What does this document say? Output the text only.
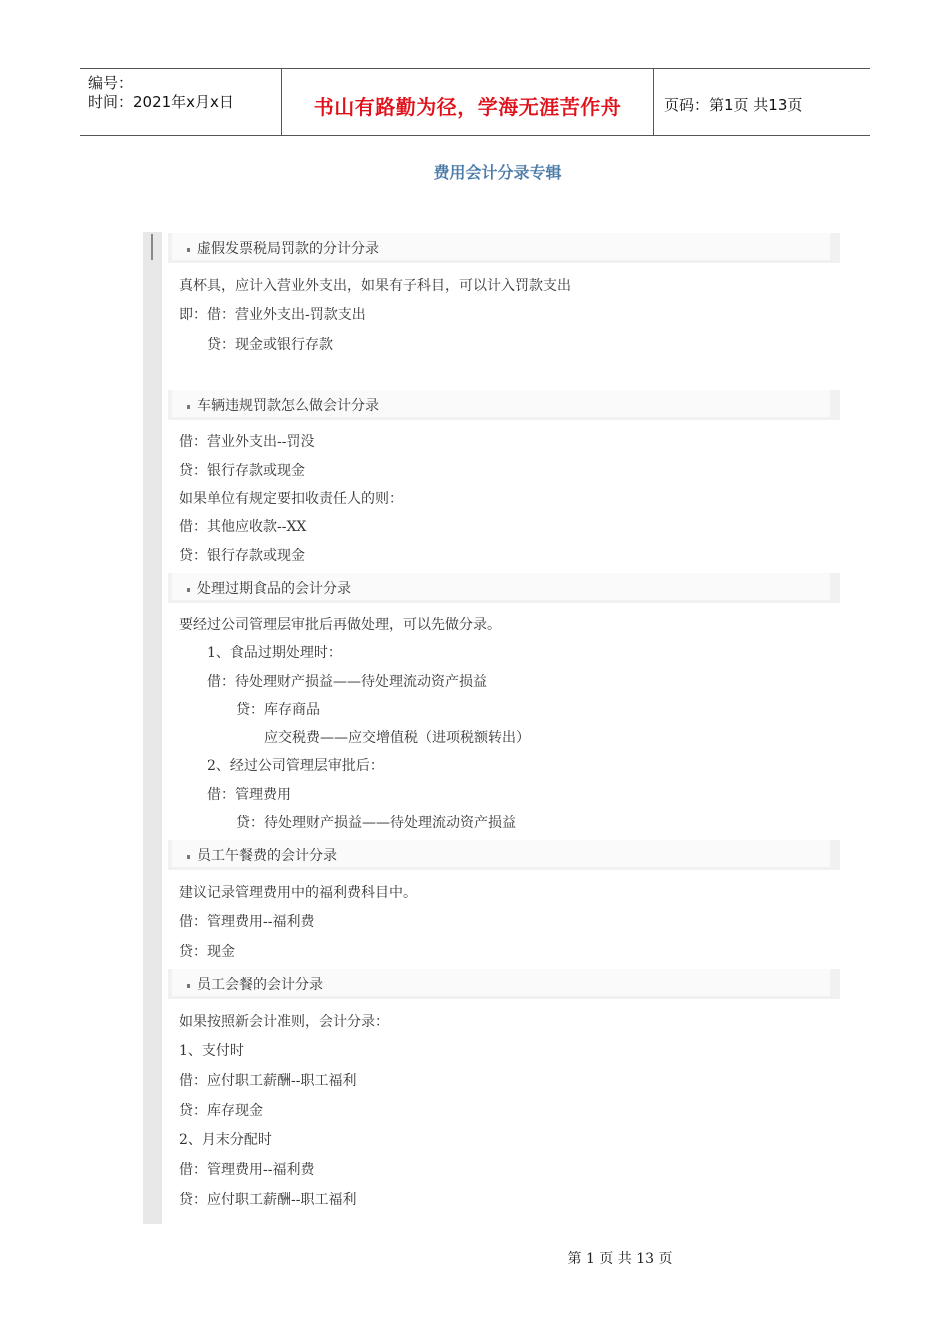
编号：
时间：2021年x月x日	书山有路勤为径，学海无涯苦作舟	页码：第1页 共13页
费用会计分录专辑
虚假发票税局罚款的分计分录
真杯具，应计入营业外支出，如果有子科目，可以计入罚款支出
即：借：营业外支出-罚款支出
贷：现金或银行存款
车辆违规罚款怎么做会计分录
借：营业外支出--罚没
贷：银行存款或现金
如果单位有规定要扣收责任人的则：
借：其他应收款--XX
贷：银行存款或现金
处理过期食品的会计分录
要经过公司管理层审批后再做处理，可以先做分录。
1、食品过期处理时：
借：待处理财产损益——待处理流动资产损益
贷：库存商品
应交税费——应交增值税（进项税额转出）
2、经过公司管理层审批后：
借：管理费用
贷：待处理财产损益——待处理流动资产损益
员工午餐费的会计分录
建议记录管理费用中的福利费科目中。
借：管理费用--福利费
贷：现金
员工会餐的会计分录
如果按照新会计准则，会计分录：
1、支付时
借：应付职工薪酬--职工福利
贷：库存现金
2、月末分配时
借：管理费用--福利费
贷：应付职工薪酬--职工福利
第 1 页 共 13 页
